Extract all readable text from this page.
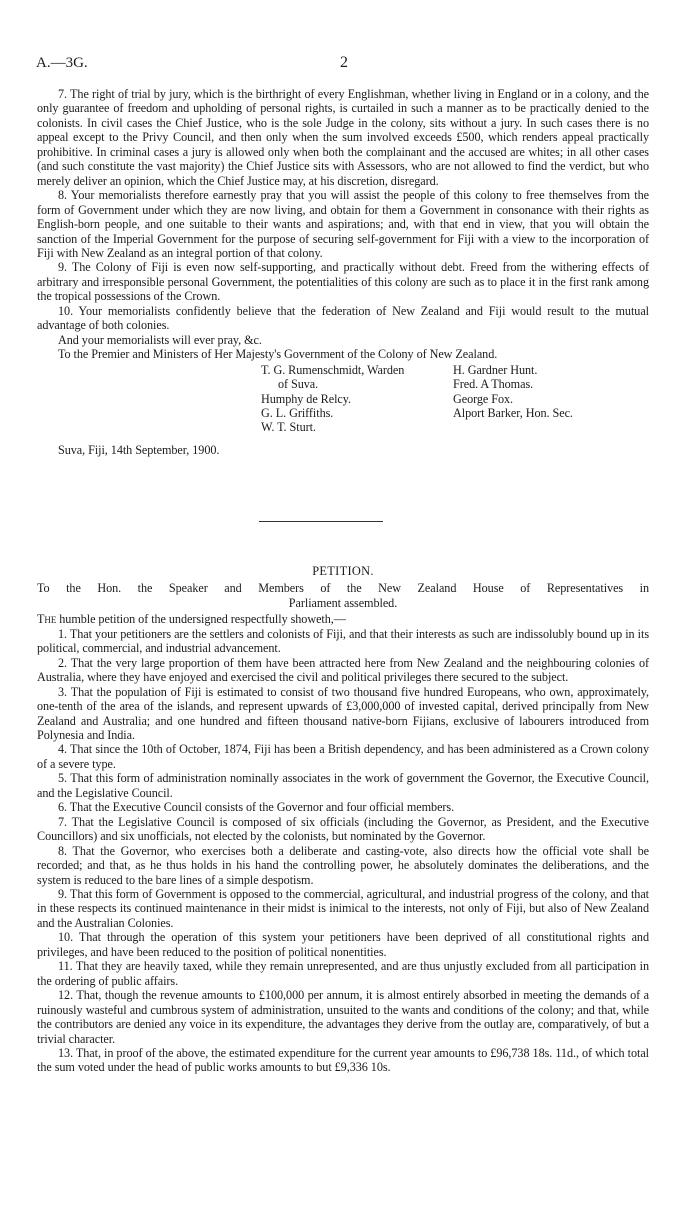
A.—3G.	2

7. The right of trial by jury, which is the birthright of every Englishman, whether living in England or in a colony, and the only guarantee of freedom and upholding of personal rights, is curtailed in such a manner as to be practically denied to the colonists. In civil cases the Chief Justice, who is the sole Judge in the colony, sits without a jury. In such cases there is no appeal except to the Privy Council, and then only when the sum involved exceeds £500, which renders appeal practically prohibitive. In criminal cases a jury is allowed only when both the complainant and the accused are whites; in all other cases (and such constitute the vast majority) the Chief Justice sits with Assessors, who are not allowed to find the verdict, but who merely deliver an opinion, which the Chief Justice may, at his discretion, disregard.

8. Your memorialists therefore earnestly pray that you will assist the people of this colony to free themselves from the form of Government under which they are now living, and obtain for them a Government in consonance with their rights as English-born people, and one suitable to their wants and aspirations; and, with that end in view, that you will obtain the sanction of the Imperial Government for the purpose of securing self-government for Fiji with a view to the incorporation of Fiji with New Zealand as an integral portion of that colony.

9. The Colony of Fiji is even now self-supporting, and practically without debt. Freed from the withering effects of arbitrary and irresponsible personal Government, the potentialities of this colony are such as to place it in the first rank among the tropical possessions of the Crown.

10. Your memorialists confidently believe that the federation of New Zealand and Fiji would result to the mutual advantage of both colonies.

And your memorialists will ever pray, &c.

To the Premier and Ministers of Her Majesty's Government of the Colony of New Zealand.

T. G. Rumenschmidt, Warden
of Suva.
Humphy de Relcy.
G. L. Griffiths.
W. T. Sturt.
H. Gardner Hunt.
Fred. A Thomas.
George Fox.
Alport Barker, Hon. Sec.

Suva, Fiji, 14th September, 1900.

PETITION.

To the Hon. the Speaker and Members of the New Zealand House of Representatives in

Parliament assembled.

The humble petition of the undersigned respectfully showeth,—

1. That your petitioners are the settlers and colonists of Fiji, and that their interests as such are indissolubly bound up in its political, commercial, and industrial advancement.

2. That the very large proportion of them have been attracted here from New Zealand and the neighbouring colonies of Australia, where they have enjoyed and exercised the civil and political privileges there secured to the subject.

3. That the population of Fiji is estimated to consist of two thousand five hundred Europeans, who own, approximately, one-tenth of the area of the islands, and represent upwards of £3,000,000 of invested capital, derived principally from New Zealand and Australia; and one hundred and fifteen thousand native-born Fijians, exclusive of labourers introduced from Polynesia and India.

4. That since the 10th of October, 1874, Fiji has been a British dependency, and has been administered as a Crown colony of a severe type.

5. That this form of administration nominally associates in the work of government the Governor, the Executive Council, and the Legislative Council.

6. That the Executive Council consists of the Governor and four official members.

7. That the Legislative Council is composed of six officials (including the Governor, as President, and the Executive Councillors) and six unofficials, not elected by the colonists, but nominated by the Governor.

8. That the Governor, who exercises both a deliberate and casting-vote, also directs how the official vote shall be recorded; and that, as he thus holds in his hand the controlling power, he absolutely dominates the deliberations, and the system is reduced to the bare lines of a simple despotism.

9. That this form of Government is opposed to the commercial, agricultural, and industrial progress of the colony, and that in these respects its continued maintenance in their midst is inimical to the interests, not only of Fiji, but also of New Zealand and the Australian Colonies.

10. That through the operation of this system your petitioners have been deprived of all constitutional rights and privileges, and have been reduced to the position of political nonentities.

11. That they are heavily taxed, while they remain unrepresented, and are thus unjustly excluded from all participation in the ordering of public affairs.

12. That, though the revenue amounts to £100,000 per annum, it is almost entirely absorbed in meeting the demands of a ruinously wasteful and cumbrous system of administration, unsuited to the wants and conditions of the colony; and that, while the contributors are denied any voice in its expenditure, the advantages they derive from the outlay are, comparatively, of but a trivial character.

13. That, in proof of the above, the estimated expenditure for the current year amounts to £96,738 18s. 11d., of which total the sum voted under the head of public works amounts to but £9,336 10s.
